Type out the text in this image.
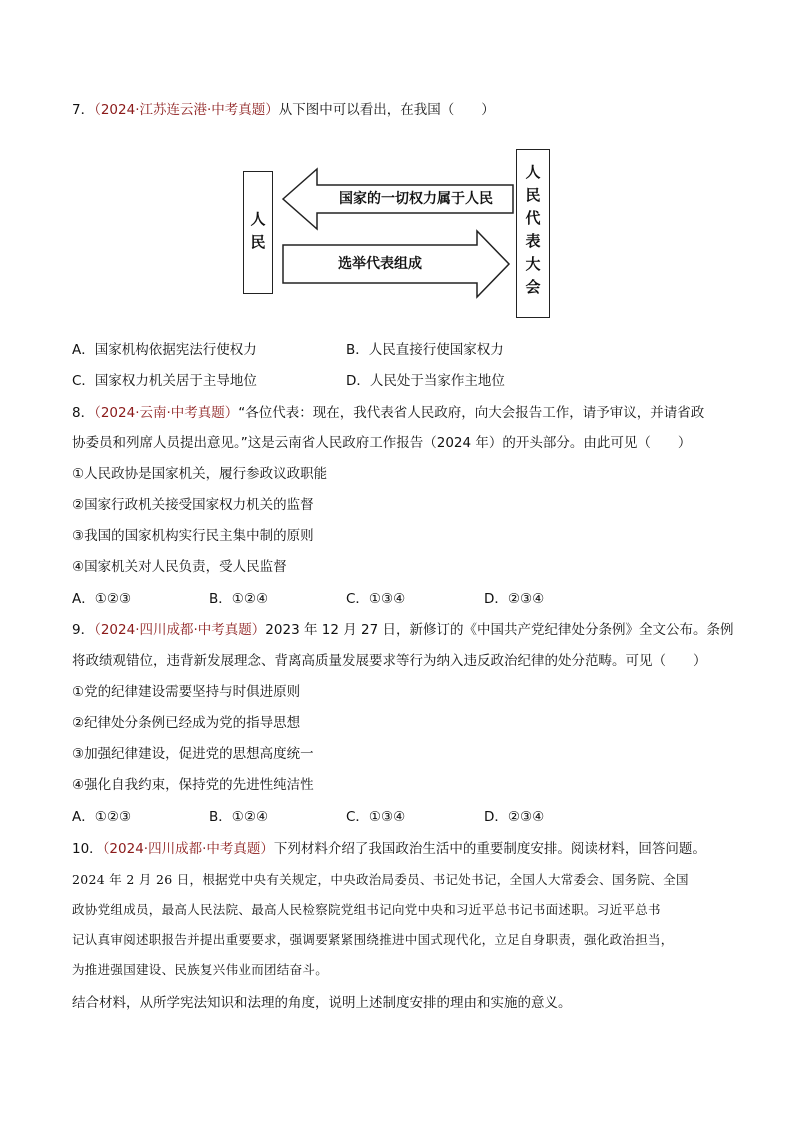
7．（2024·江苏连云港·中考真题）从下图中可以看出，在我国（　　）
人
民
人
民
代
表
大
会
国家的一切权力属于人民
选举代表组成
A．国家机构依据宪法行使权力	B．人民直接行使国家权力
C．国家权力机关居于主导地位	D．人民处于当家作主地位
8．（2024·云南·中考真题）“各位代表：现在，我代表省人民政府，向大会报告工作，请予审议，并请省政
协委员和列席人员提出意见。”这是云南省人民政府工作报告（2024 年）的开头部分。由此可见（　　）
①人民政协是国家机关，履行参政议政职能
②国家行政机关接受国家权力机关的监督
③我国的国家机构实行民主集中制的原则
④国家机关对人民负责，受人民监督
A．①②③	B．①②④	C．①③④	D．②③④
9．（2024·四川成都·中考真题）2023 年 12 月 27 日，新修订的《中国共产党纪律处分条例》全文公布。条例
将政绩观错位，违背新发展理念、背离高质量发展要求等行为纳入违反政治纪律的处分范畴。可见（　　）
①党的纪律建设需要坚持与时俱进原则
②纪律处分条例已经成为党的指导思想
③加强纪律建设，促进党的思想高度统一
④强化自我约束，保持党的先进性纯洁性
A．①②③	B．①②④	C．①③④	D．②③④
10．（2024·四川成都·中考真题）下列材料介绍了我国政治生活中的重要制度安排。阅读材料，回答问题。
2024 年 2 月 26 日，根据党中央有关规定，中央政治局委员、书记处书记，全国人大常委会、国务院、全国
政协党组成员，最高人民法院、最高人民检察院党组书记向党中央和习近平总书记书面述职。习近平总书
记认真审阅述职报告并提出重要要求，强调要紧紧围绕推进中国式现代化，立足自身职责，强化政治担当，
为推进强国建设、民族复兴伟业而团结奋斗。
结合材料，从所学宪法知识和法理的角度，说明上述制度安排的理由和实施的意义。
